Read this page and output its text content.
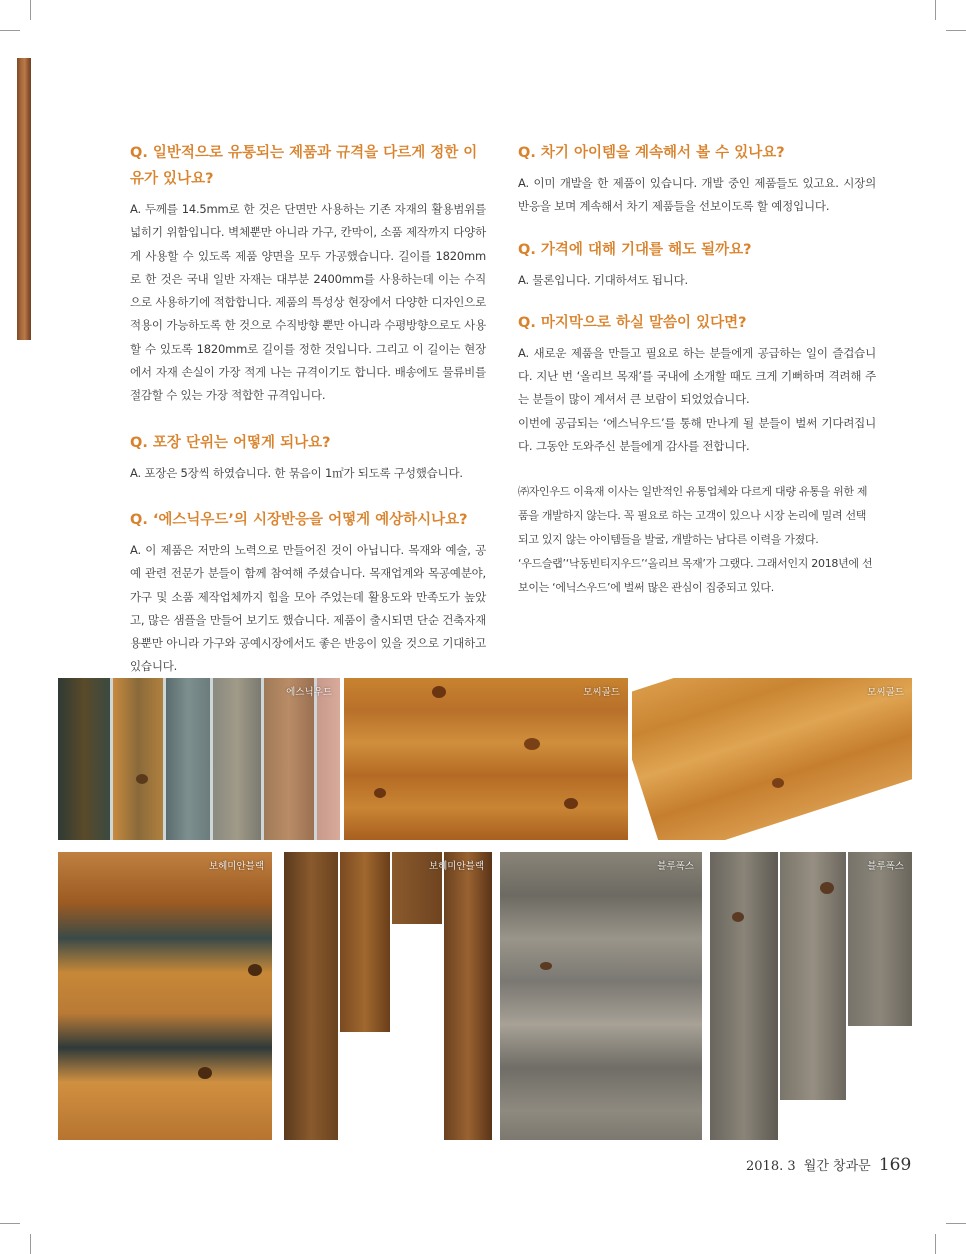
Q. 일반적으로 유통되는 제품과 규격을 다르게 정한 이유가 있나요?

A. 두께를 14.5mm로 한 것은 단면만 사용하는 기존 자재의 활용범위를 넓히기 위함입니다. 벽체뿐만 아니라 가구, 칸막이, 소품 제작까지 다양하게 사용할 수 있도록 제품 양면을 모두 가공했습니다. 길이를 1820mm로 한 것은 국내 일반 자재는 대부분 2400mm를 사용하는데 이는 수직으로 사용하기에 적합합니다. 제품의 특성상 현장에서 다양한 디자인으로 적용이 가능하도록 한 것으로 수직방향 뿐만 아니라 수평방향으로도 사용할 수 있도록 1820mm로 길이를 정한 것입니다. 그리고 이 길이는 현장에서 자재 손실이 가장 적게 나는 규격이기도 합니다. 배송에도 물류비를 절감할 수 있는 가장 적합한 규격입니다.

Q. 포장 단위는 어떻게 되나요?

A. 포장은 5장씩 하였습니다. 한 묶음이 1㎡가 되도록 구성했습니다.

Q. ‘에스닉우드’의 시장반응을 어떻게 예상하시나요?

A. 이 제품은 저만의 노력으로 만들어진 것이 아닙니다. 목재와 예술, 공예 관련 전문가 분들이 함께 참여해 주셨습니다. 목재업계와 목공예분야, 가구 및 소품 제작업체까지 힘을 모아 주었는데 활용도와 만족도가 높았고, 많은 샘플을 만들어 보기도 했습니다. 제품이 출시되면 단순 건축자재용뿐만 아니라 가구와 공예시장에서도 좋은 반응이 있을 것으로 기대하고 있습니다.

Q. 차기 아이템을 계속해서 볼 수 있나요?

A. 이미 개발을 한 제품이 있습니다. 개발 중인 제품들도 있고요. 시장의 반응을 보며 계속해서 차기 제품들을 선보이도록 할 예정입니다.

Q. 가격에 대해 기대를 해도 될까요?

A. 물론입니다. 기대하셔도 됩니다.

Q. 마지막으로 하실 말씀이 있다면?

A. 새로운 제품을 만들고 필요로 하는 분들에게 공급하는 일이 즐겁습니다. 지난 번 ‘올리브 목재’를 국내에 소개할 때도 크게 기뻐하며 격려해 주는 분들이 많이 계셔서 큰 보람이 되었었습니다.

이번에 공급되는 ‘에스닉우드’를 통해 만나게 될 분들이 벌써 기다려집니다. 그동안 도와주신 분들에게 감사를 전합니다.

㈜자인우드 이육재 이사는 일반적인 유통업체와 다르게 대량 유통을 위한 제품을 개발하지 않는다. 꼭 필요로 하는 고객이 있으나 시장 논리에 밀려 선택되고 있지 않는 아이템들을 발굴, 개발하는 남다른 이력을 가졌다.

‘우드슬랩’‘낙동빈티지우드’‘올리브 목재’가 그랬다. 그래서인지 2018년에 선보이는 ‘에닉스우드’에 벌써 많은 관심이 집중되고 있다.

에스닉우드	모씨골드	모씨골드
보헤미안블랙	보헤미안블랙	블루폭스	블루폭스
2018. 3 월간 창과문 169
